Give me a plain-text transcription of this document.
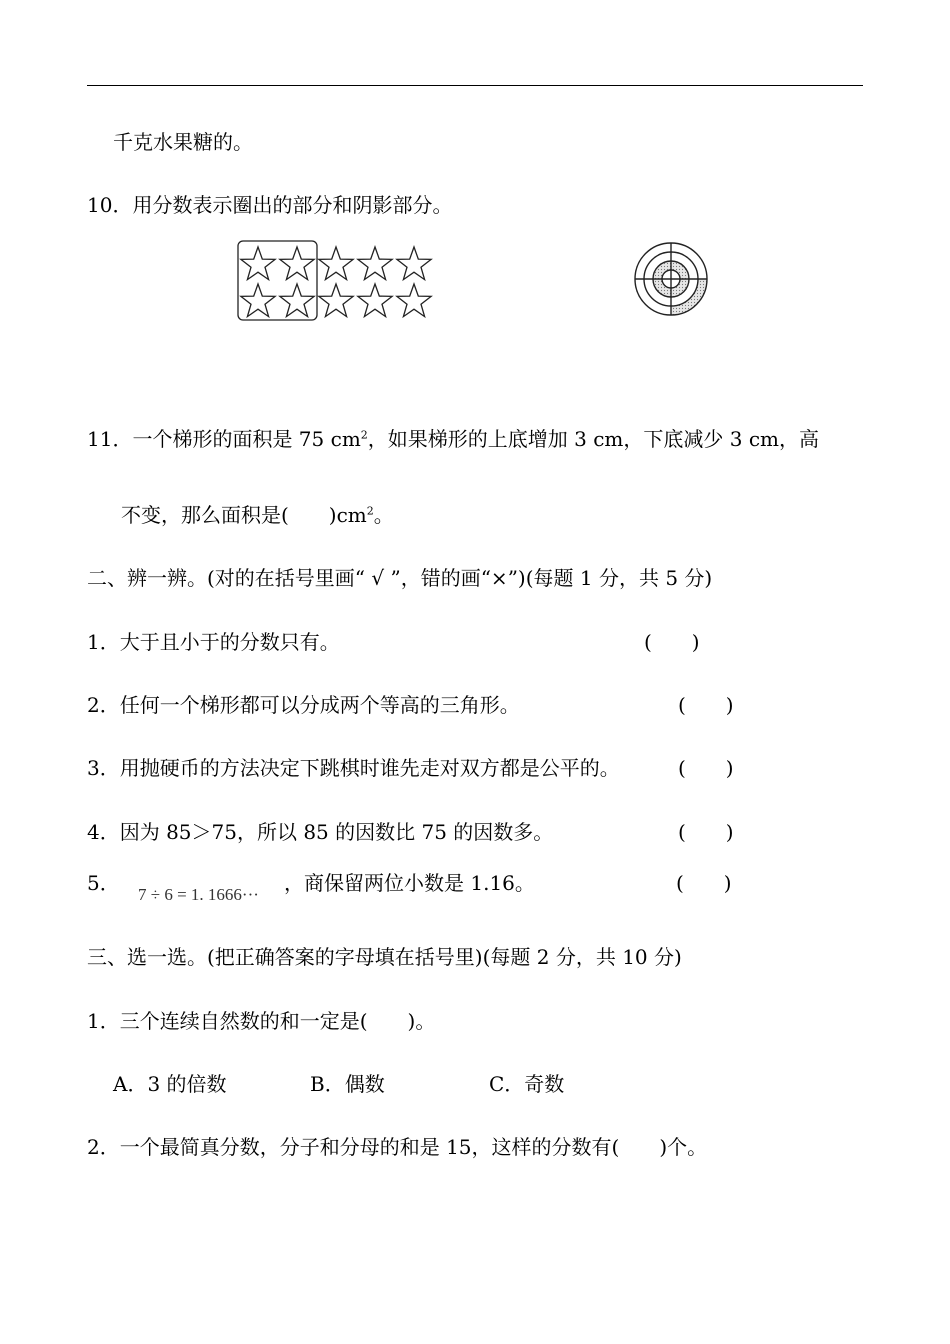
千克水果糖的。
10．用分数表示圈出的部分和阴影部分。
11．一个梯形的面积是 75 $cm^2$，如果梯形的上底增加 3 cm，下底减少 3 cm，高
不变，那么面积是(　　)$cm^2$。
二、辨一辨。(对的在括号里画“ √ ”，错的画“×”)(每题 1 分，共 5 分)
1．大于且小于的分数只有。	(　　)
2．任何一个梯形都可以分成两个等高的三角形。	(　　)
3．用抛硬币的方法决定下跳棋时谁先走对双方都是公平的。	(　　)
4．因为 85＞75，所以 85 的因数比 75 的因数多。	(　　)
5． 7 ÷ 6 = 1. 1666··· ，商保留两位小数是 1.16。	(　　)
三、选一选。(把正确答案的字母填在括号里)(每题 2 分，共 10 分)
1．三个连续自然数的和一定是(　　)。
A．3 的倍数	B．偶数	C．奇数
2．一个最简真分数，分子和分母的和是 15，这样的分数有(　　)个。
